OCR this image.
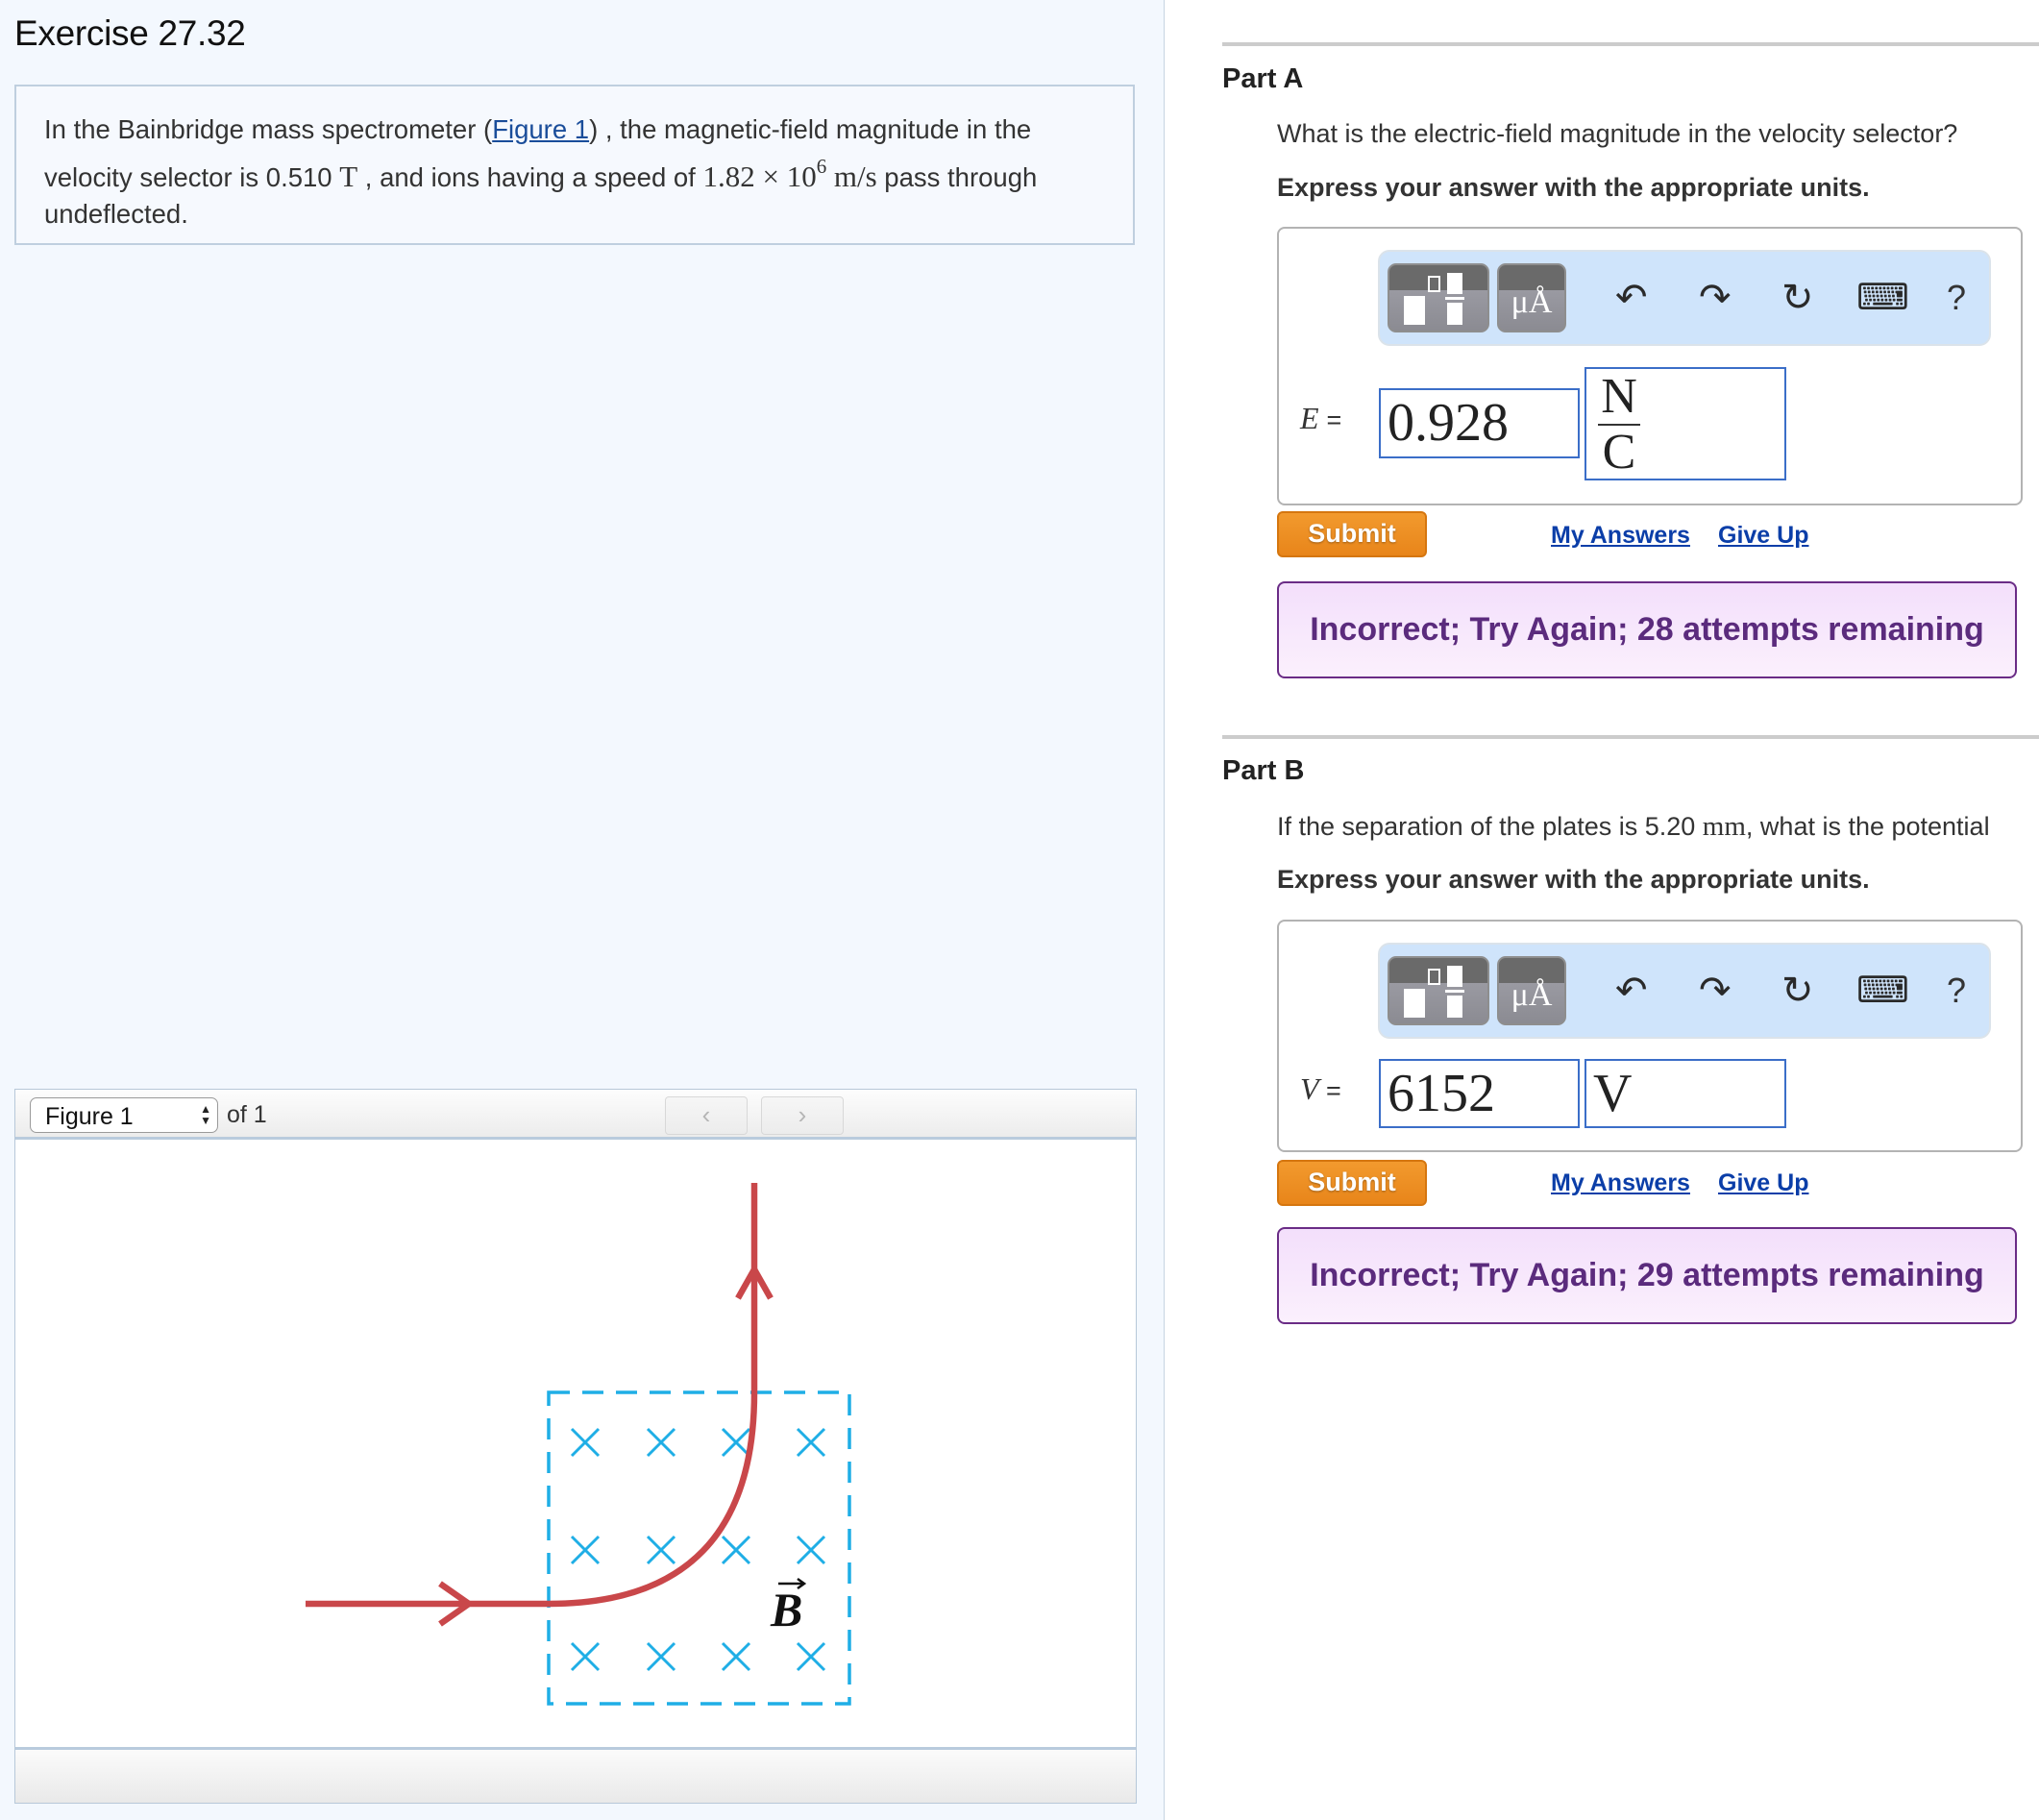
Exercise 27.32
In the Bainbridge mass spectrometer (Figure 1) , the magnetic-field magnitude in the velocity selector is 0.510 T , and ions having a speed of $1.82 \times 10^6$ m/s pass through undeflected.
Figure 1	▲
▼ of 1	‹	›
B
Part A
What is the electric-field magnitude in the velocity selector?
Express your answer with the appropriate units.
μÅ	↶ ↷ ↻ ⌨ ?
E = 0.928	N
C
Submit	My Answers Give Up
Incorrect; Try Again; 28 attempts remaining
Part B
If the separation of the plates is 5.20 mm, what is the potential
Express your answer with the appropriate units.
μÅ	↶ ↷ ↻ ⌨ ?
V = 6152	V
Submit	My Answers Give Up
Incorrect; Try Again; 29 attempts remaining
